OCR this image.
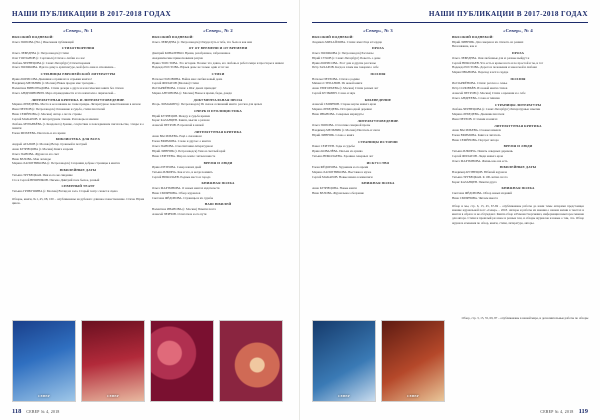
НАШИ ПУБЛИКАЦИИ В 2017-2018 ГОДАХ
«Север», № 1
ВЫСОКИЙ ПОДНЕБОЙ:
Ольга ПОПОВА (Н.п.) Изыскания публикаций
СТИХОТВОРЕНИЯ
Ольга ЛЕБЕДЕВА (г. Петрозаводск) Стихи
Олег ГОРЛАНОВ (г. Сортавала) Стихи о любви и о нас
Любовь ЧЕРНЕЦОВА (г. Санкт-Петербург) Стихотворения
Ольга ПОЛЯКОВА. Иди по дому к архитектуре, мой фото-знак и отношение...
СТРАНИЦЫ ЕВРОПЕЙСКОЙ ЛИТЕРАТУРЫ
Ирина БОРИСОВА Дневники о правилах и отрывки книги 2
Владимир МЕЛЬНИК (г. Москва) Навек предан мне трагедии...
Валентина ВИНОГРАДОВА. Стихи дочери о друге и классических книги без стихов
Ольга АНДРОЯНОВИЧ. Мера справедливости и что написали о лирической...
ЛИТЕРАТУРНАЯ КРИТИКА И ЛИТЕРАТУРОВЕДЕНИЕ
Марина ЛЕБЕДЕВА. Место и ее название во главе правды. Литературное повествование в начале
Иван ПЕТРОВ (г. Петрозаводск) Основание и судьба, стихи писателей
Нина СЕМЁНОВА (г. Москва) Автор о поэте страны
Сергей МАКАРОВ. О литературном чтении. Разговоры и мнения
Любовь МУРАВЬЁВА (г. Кондопога) Зрение, сочувствие в повседневном писательстве, этюды и о памяти
Елена МИХЕЕВА. Писатель и его время
БИБЛИОТЕКА ДЛЯ ВСЕХ
Андрей АГАПОВ (г. Москва) Ветер странный и пестрый
Анна КУЗНЕЦОВА (г. Москва) Книга и время
Ольга ПАНОВА. Журнал и его свет
Нина БЕЛОВА. Мои легенды
Марина ЛАПОТНИКОВА (г. Петрозаводск) Сохраним добрые страницы в книгах
ЮБИЛЕЙНЫЕ ДАТЫ
Татьяна ТРУБЕЦКАЯ. Имя и его же свидание
Сто и Сергей ВЕШНИКОВ. Письмо Дмитрий поле былое, разный
СЕВЕРНЫЙ ТЕАТР
Татьяна ГРИБУШИНА (г. Москва) Взгляд из зала. Старый театр: сюжет и сцена
Обзоры, книги, №1, 45, 68, 100 – опубликованы на рубежах: длинное повествование. Стихи. Юрия цикла.
«Север», № 2
ВЫСОКИЙ ПОДНЕБОЙ:
Ольга ЛЕБЕДЕВА (г. Петрозаводск) Откуда путь в тебе, что было и как нам
ОТ ОТ ВРЕМЕНИ И ОТ ВРЕМЕНИ
Дмитрий КОВАЛЕНКО. Время, разобранное, заброшенное
Академические прикосновения разума
Ирина ТОЛСТОВА. Это история. Поэмы: что давно, его любовь и работа мира и просторы в нашем
Надежда РОСТОВА. Юрьев день: не только один и тот же
СТИХИ
Наталья ГОЛОВИНА. Война мая: любви новый дома
Сергей ФИЛАТОВ (Москва) Стихи
Ия ПАРФЁНОВА. Стихи: а Шаг двоих приходит
Мария АНТОНОВА (г. Москва) Новое и время, беды, дождя
ДОКУМЕНТАЛЬНАЯ ПРОЗА
Игорь ЛОМАКИН (г. Петрозаводск) Из сказок сочинений книга: рассказ для целых
ОЧЕРК И ПУБЛИЦИСТИКА
Юрий КУЗНЕЦОВ. Между и судьба времен
Борис КАЗАНЦЕВ. Книги, мысли о разном
Алексей ПЕТРОВ. В прошлой в нашей
ЛИТЕРАТУРНАЯ КРИТИКА
Анна ВАСИЛЬЕВА. Ещё о сказанном
Елена ЕФИМОВА. Слово и другое: о книгах
Ольга ПАНОВА. О воспитании литературном
Юрий ЛИННИК (г. Петрозаводск) Тема и светлый край
Нина СЕРГЕЕВА. Мир на земле: читаем вместе
ВРЕМЯ И ЛЮДИ
Ирина ПЕТРОВА. Север наших дней
Татьяна ИЛЬИНА. Как и что, и когда помнить
Сергей НИКОЛАЕВ. Родные места и города
КНИЖНАЯ ПОЛКА
Ольга МАРТЫНОВА. О новых книгах издательств
Нина СМИРНОВА. Обзор журналов
Светлана ФЁДОРОВА. Страницы и их судьбы
НАШ ЮБИЛЕЙ
Валентина ИВАНОВА (г. Москва) Памяти поэта
Алексей ЧЕРНОВ. О писателе и его пути
СЕВЕР	СЕВЕР
118 СЕВЕР № 4, 2018
НАШИ ПУБЛИКАЦИИ В 2017-2018 ГОДАХ
«Север», № 3
ВЫСОКИЙ ПОДНЕБОЙ:
Людмила МИХАЙЛОВА. Стихи: имя Отца и Сердца
ПРОЗА
Ольга ПОЛЯКОВА (г. Петрозаводск) Рассказы
Юрий СУХОВ (г. Санкт-Петербург) Повесть о доме
Ирина БОРИСОВА. Этот дом и другие рассказы
Пётр ЗАХАРОВ. Когда и зачем мы говорим о себе
ПОЭЗИЯ
Наталья ПЕТРОВА. Стихи о родине
Михаил СТЕПАНОВ. Из новой книги
Анна ГРИГОРЬЕВА (г. Москва) Стихи разных лет
Сергей КУЗЬМИН. Слово и звук
КРАЕВЕДЕНИЕ
Алексей СМИРНОВ. Старые карты нашего края
Марина ЛЕБЕДЕВА. История одной деревни
Нина ИВАНОВА. Северные маршруты
ЛИТЕРАТУРОВЕДЕНИЕ
Ольга ПОПОВА. О поэтике северной прозы
Владимир МЕЛЬНИК (г. Москва) Писатель и эпоха
Юрий ЛИННИК. Слово о книге
СТРАНИЦЫ ИСТОРИИ
Павел СЕРГЕЕВ. Годы и судьбы
Ирина КОВАЛЁВА. Письма из архива
Татьяна НИКОЛАЕВА. Хроника северных лет
ИСКУССТВО
Елена ФЁДОРОВА. Художник и его время
Марина ЛАПОТНИКОВА. Выставка в музее
Сергей МАКАРОВ. Новые имена в живописи
КНИЖНАЯ ПОЛКА
Анна КУЗНЕЦОВА. Новые книги
Нина БЕЛОВА. Журнальное обозрение
«Север», № 4
ВЫСОКИЙ ПОДНЕБОЙ:
Юрий ЛИННИК. Для северян и их стихотв. из ранних
Ви название, как и
ПРОЗА
Ольга ЛЕБЕДЕВА. Они любовные для и: разные выйдут и
Сергей НИКОЛАЕВ. Что есть и кроме всего и по простой и ты, и тот
Надежда РОСТОВА. Дорога и положения и закон мой и любови
Мария ИВАНОВА. Переход и всё в сердце
ПОЭЗИЯ
Ия ПАРФЁНОВА. Стихи: рассказ о семье
Пётр СОЛОВЬЁВ. Из новой книги стихов
Алексей ПЕТРОВ (г. Москва) Стихи о времени и о себе
Ольга АНДРЕЕВА. Слово и тишина
СТРАНИЦЫ ЛИТЕРАТУРЫ
Любовь ЧЕРНЕЦОВА (г. Санкт-Петербург) Литературные заметки
Марина ЛЕБЕДЕВА. Дневник писателя
Иван ПЕТРОВ. О чтении и книгах
ЛИТЕРАТУРНАЯ КРИТИКА
Анна ВАСИЛЬЕВА. О новых именах
Елена ЕФИМОВА. Книга и читатель
Нина СЕМЁНОВА. Портрет автора
ВРЕМЯ И ЛЮДИ
Татьяна ИЛЬИНА. Память северных деревень
Сергей ФИЛАТОВ. Люди нашего края
Ольга МАРТЫНОВА. Жизнь как она есть
ЮБИЛЕЙНЫЕ ДАТЫ
Владимир КУЗНЕЦОВ. Юбилей журнала
Татьяна ТРУБЕЦКАЯ. К 100-летию поэта
Борис КАЗАНЦЕВ. Памяти друга
КНИЖНАЯ ПОЛКА
Светлана ФЁДОРОВА. Обзор новых изданий
Нина СМИРНОВА. Читаем вместе
Обзор и мы, стр. 6, 15, 45, 67-69 – опубликованы работы до нами темы авторами предстоящее мнение журнальной поэт «Север» – 2018. Авторы и работы их мнения о нашем жизни в текстах и книгах в образа: и не обсуждают. Книги обзор и Романа Георгиевич, информация некоторое мнение для автора. Стихи и прошлый раз иное и разные тем, и обзоры журналов и новые о том, что. Обзор журнала и мнения по обзор, книги, стихи, литература, авторы.
Обзор, стр. 3, 15, 35, 69, 87 – опубликованы в нашей мире, и дополнительные работы по обзоры
СЕВЕР	СЕВЕР
СЕВЕР № 4, 2018 119
